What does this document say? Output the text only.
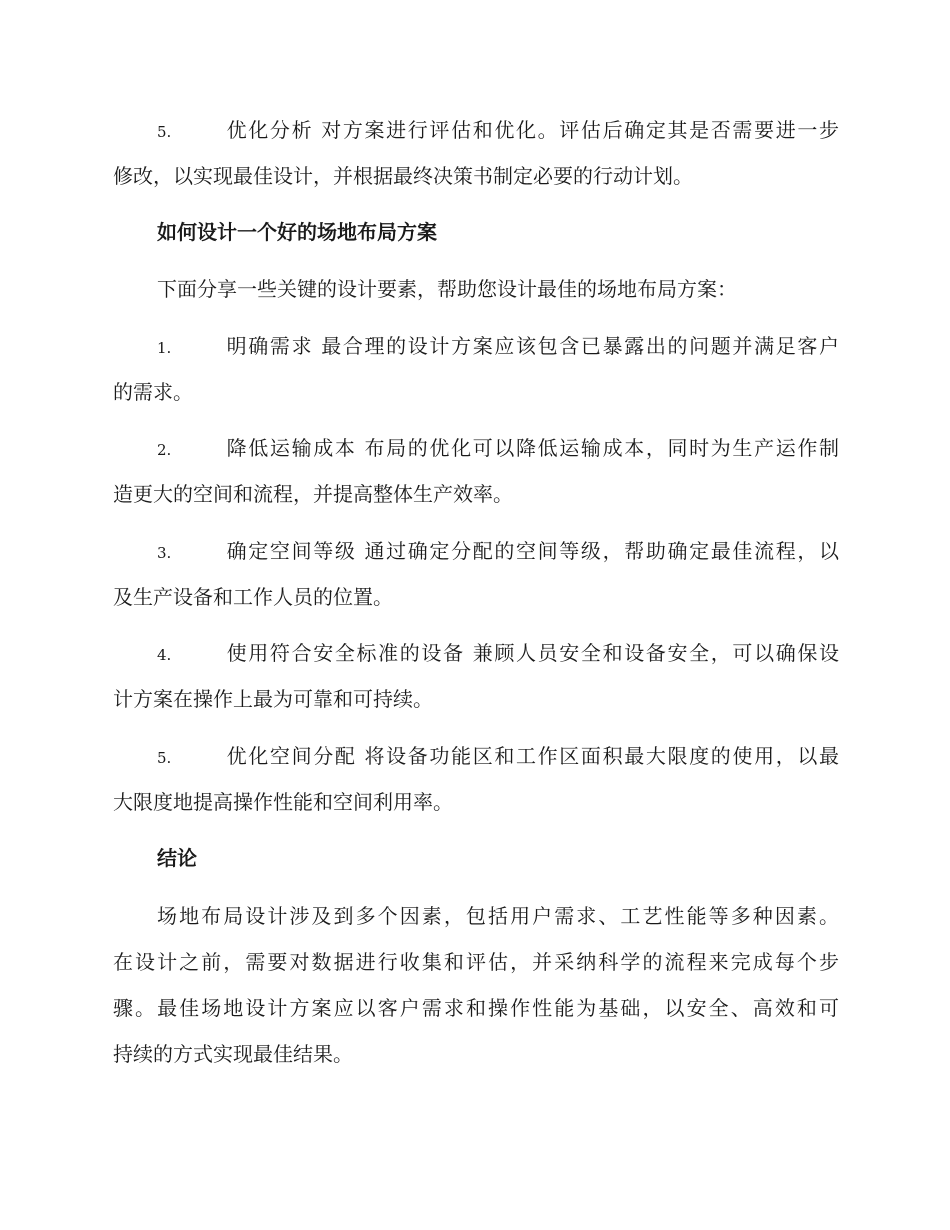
5.	优化分析 对方案进行评估和优化。评估后确定其是否需要进一步
修改，以实现最佳设计，并根据最终决策书制定必要的行动计划。
如何设计一个好的场地布局方案
下面分享一些关键的设计要素，帮助您设计最佳的场地布局方案：
1.	明确需求 最合理的设计方案应该包含已暴露出的问题并满足客户
的需求。
2.	降低运输成本 布局的优化可以降低运输成本，同时为生产运作制
造更大的空间和流程，并提高整体生产效率。
3.	确定空间等级 通过确定分配的空间等级，帮助确定最佳流程，以
及生产设备和工作人员的位置。
4.	使用符合安全标准的设备 兼顾人员安全和设备安全，可以确保设
计方案在操作上最为可靠和可持续。
5.	优化空间分配 将设备功能区和工作区面积最大限度的使用，以最
大限度地提高操作性能和空间利用率。
结论
场地布局设计涉及到多个因素，包括用户需求、工艺性能等多种因素。
在设计之前，需要对数据进行收集和评估，并采纳科学的流程来完成每个步
骤。最佳场地设计方案应以客户需求和操作性能为基础，以安全、高效和可
持续的方式实现最佳结果。
